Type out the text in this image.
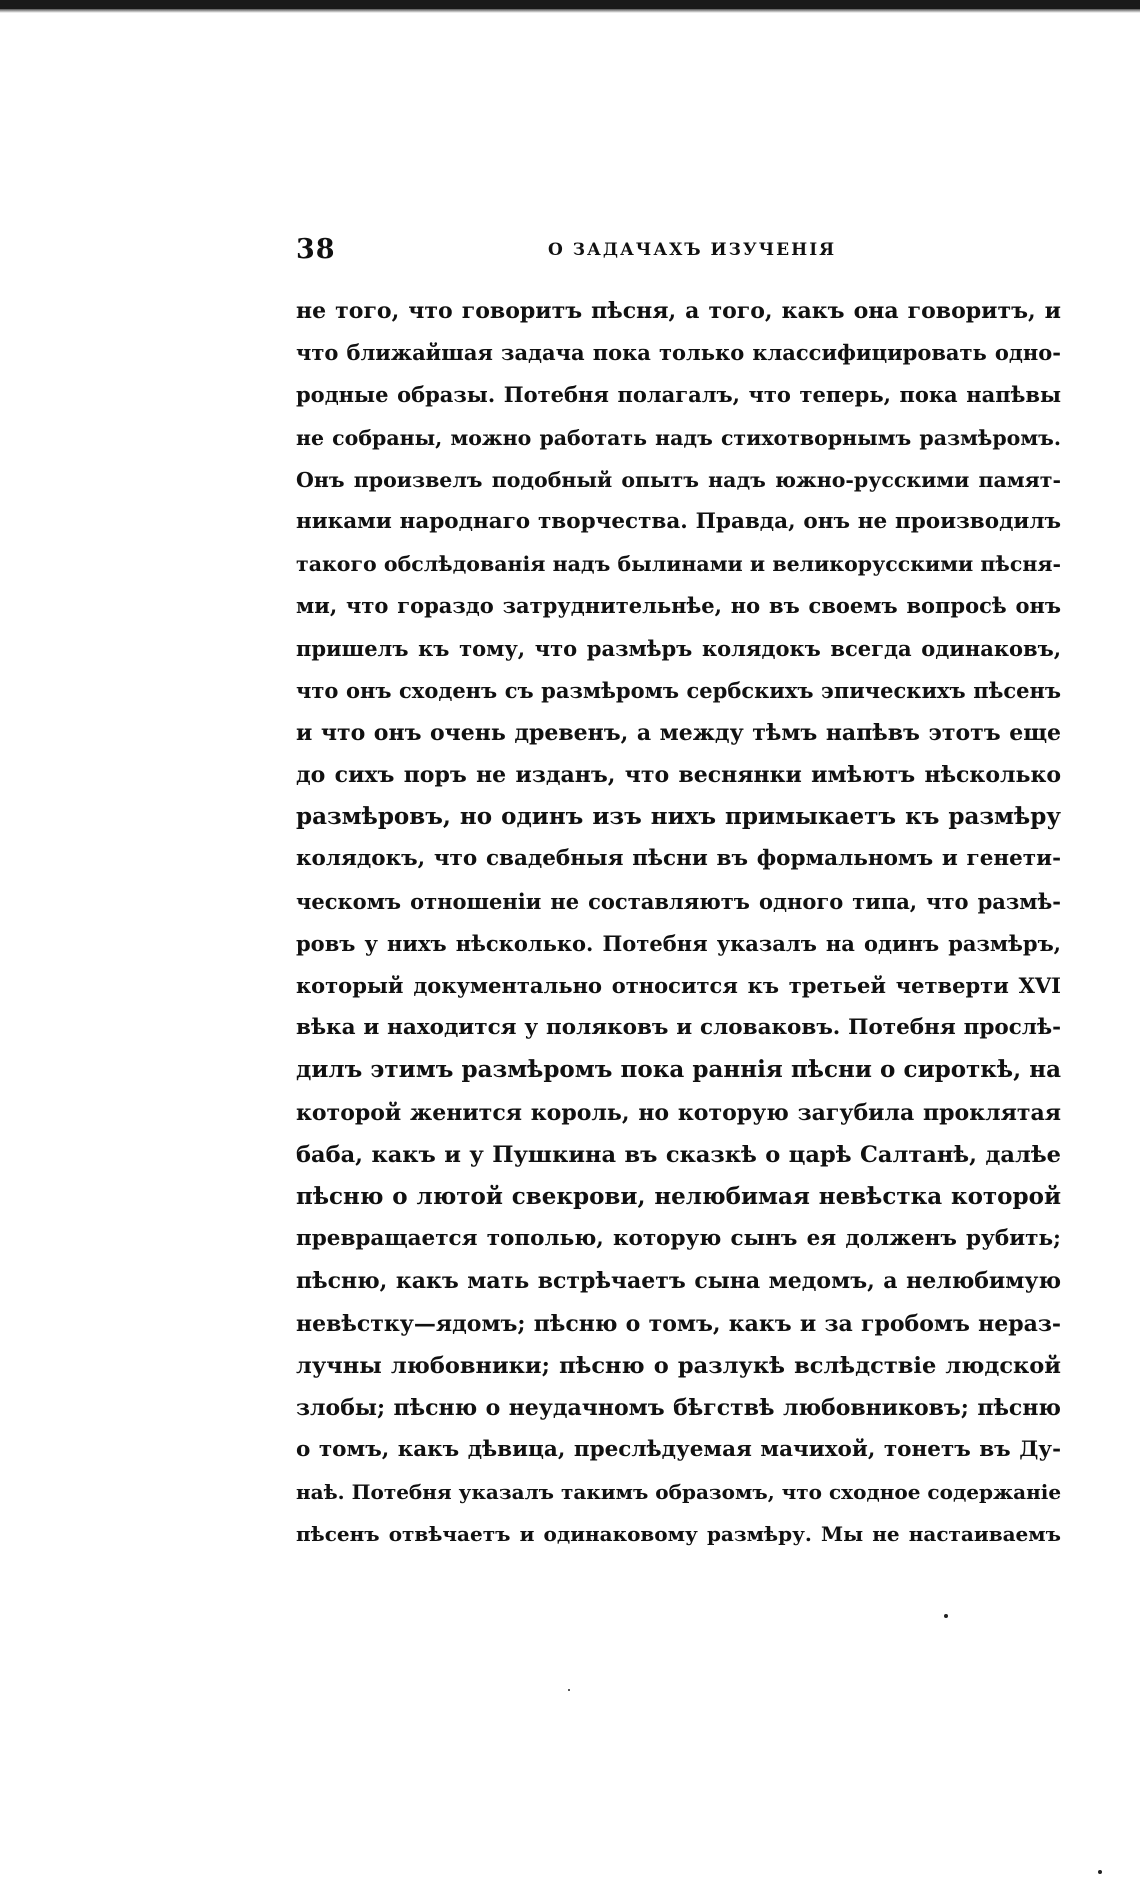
38	О ЗАДАЧАХЪ ИЗУЧЕНІЯ
не того, что говоритъ пѣсня, а того, какъ она говоритъ, и
что ближайшая задача пока только классифицировать одно-
родные образы. Потебня полагалъ, что теперь, пока напѣвы
не собраны, можно работать надъ стихотворнымъ размѣромъ.
Онъ произвелъ подобный опытъ надъ южно-русскими памят-
никами народнаго творчества. Правда, онъ не производилъ
такого обслѣдованія надъ былинами и великорусскими пѣсня-
ми, что гораздо затруднительнѣе, но въ своемъ вопросѣ онъ
пришелъ къ тому, что размѣръ колядокъ всегда одинаковъ,
что онъ сходенъ съ размѣромъ сербскихъ эпическихъ пѣсенъ
и что онъ очень древенъ, а между тѣмъ напѣвъ этотъ еще
до сихъ поръ не изданъ, что веснянки имѣютъ нѣсколько
размѣровъ, но одинъ изъ нихъ примыкаетъ къ размѣру
колядокъ, что свадебныя пѣсни въ формальномъ и генети-
ческомъ отношеніи не составляютъ одного типа, что размѣ-
ровъ у нихъ нѣсколько. Потебня указалъ на одинъ размѣръ,
который документально относится къ третьей четверти XVI
вѣка и находится у поляковъ и словаковъ. Потебня прослѣ-
дилъ этимъ размѣромъ пока раннія пѣсни о сироткѣ, на
которой женится король, но которую загубила проклятая
баба, какъ и у Пушкина въ сказкѣ о царѣ Салтанѣ, далѣе
пѣсню о лютой свекрови, нелюбимая невѣстка которой
превращается тополью, которую сынъ ея долженъ рубить;
пѣсню, какъ мать встрѣчаетъ сына медомъ, а нелюбимую
невѣстку—ядомъ; пѣсню о томъ, какъ и за гробомъ нераз-
лучны любовники; пѣсню о разлукѣ вслѣдствіе людской
злобы; пѣсню о неудачномъ бѣгствѣ любовниковъ; пѣсню
о томъ, какъ дѣвица, преслѣдуемая мачихой, тонетъ въ Ду-
наѣ. Потебня указалъ такимъ образомъ, что сходное содержаніе
пѣсенъ отвѣчаетъ и одинаковому размѣру. Мы не настаиваемъ
